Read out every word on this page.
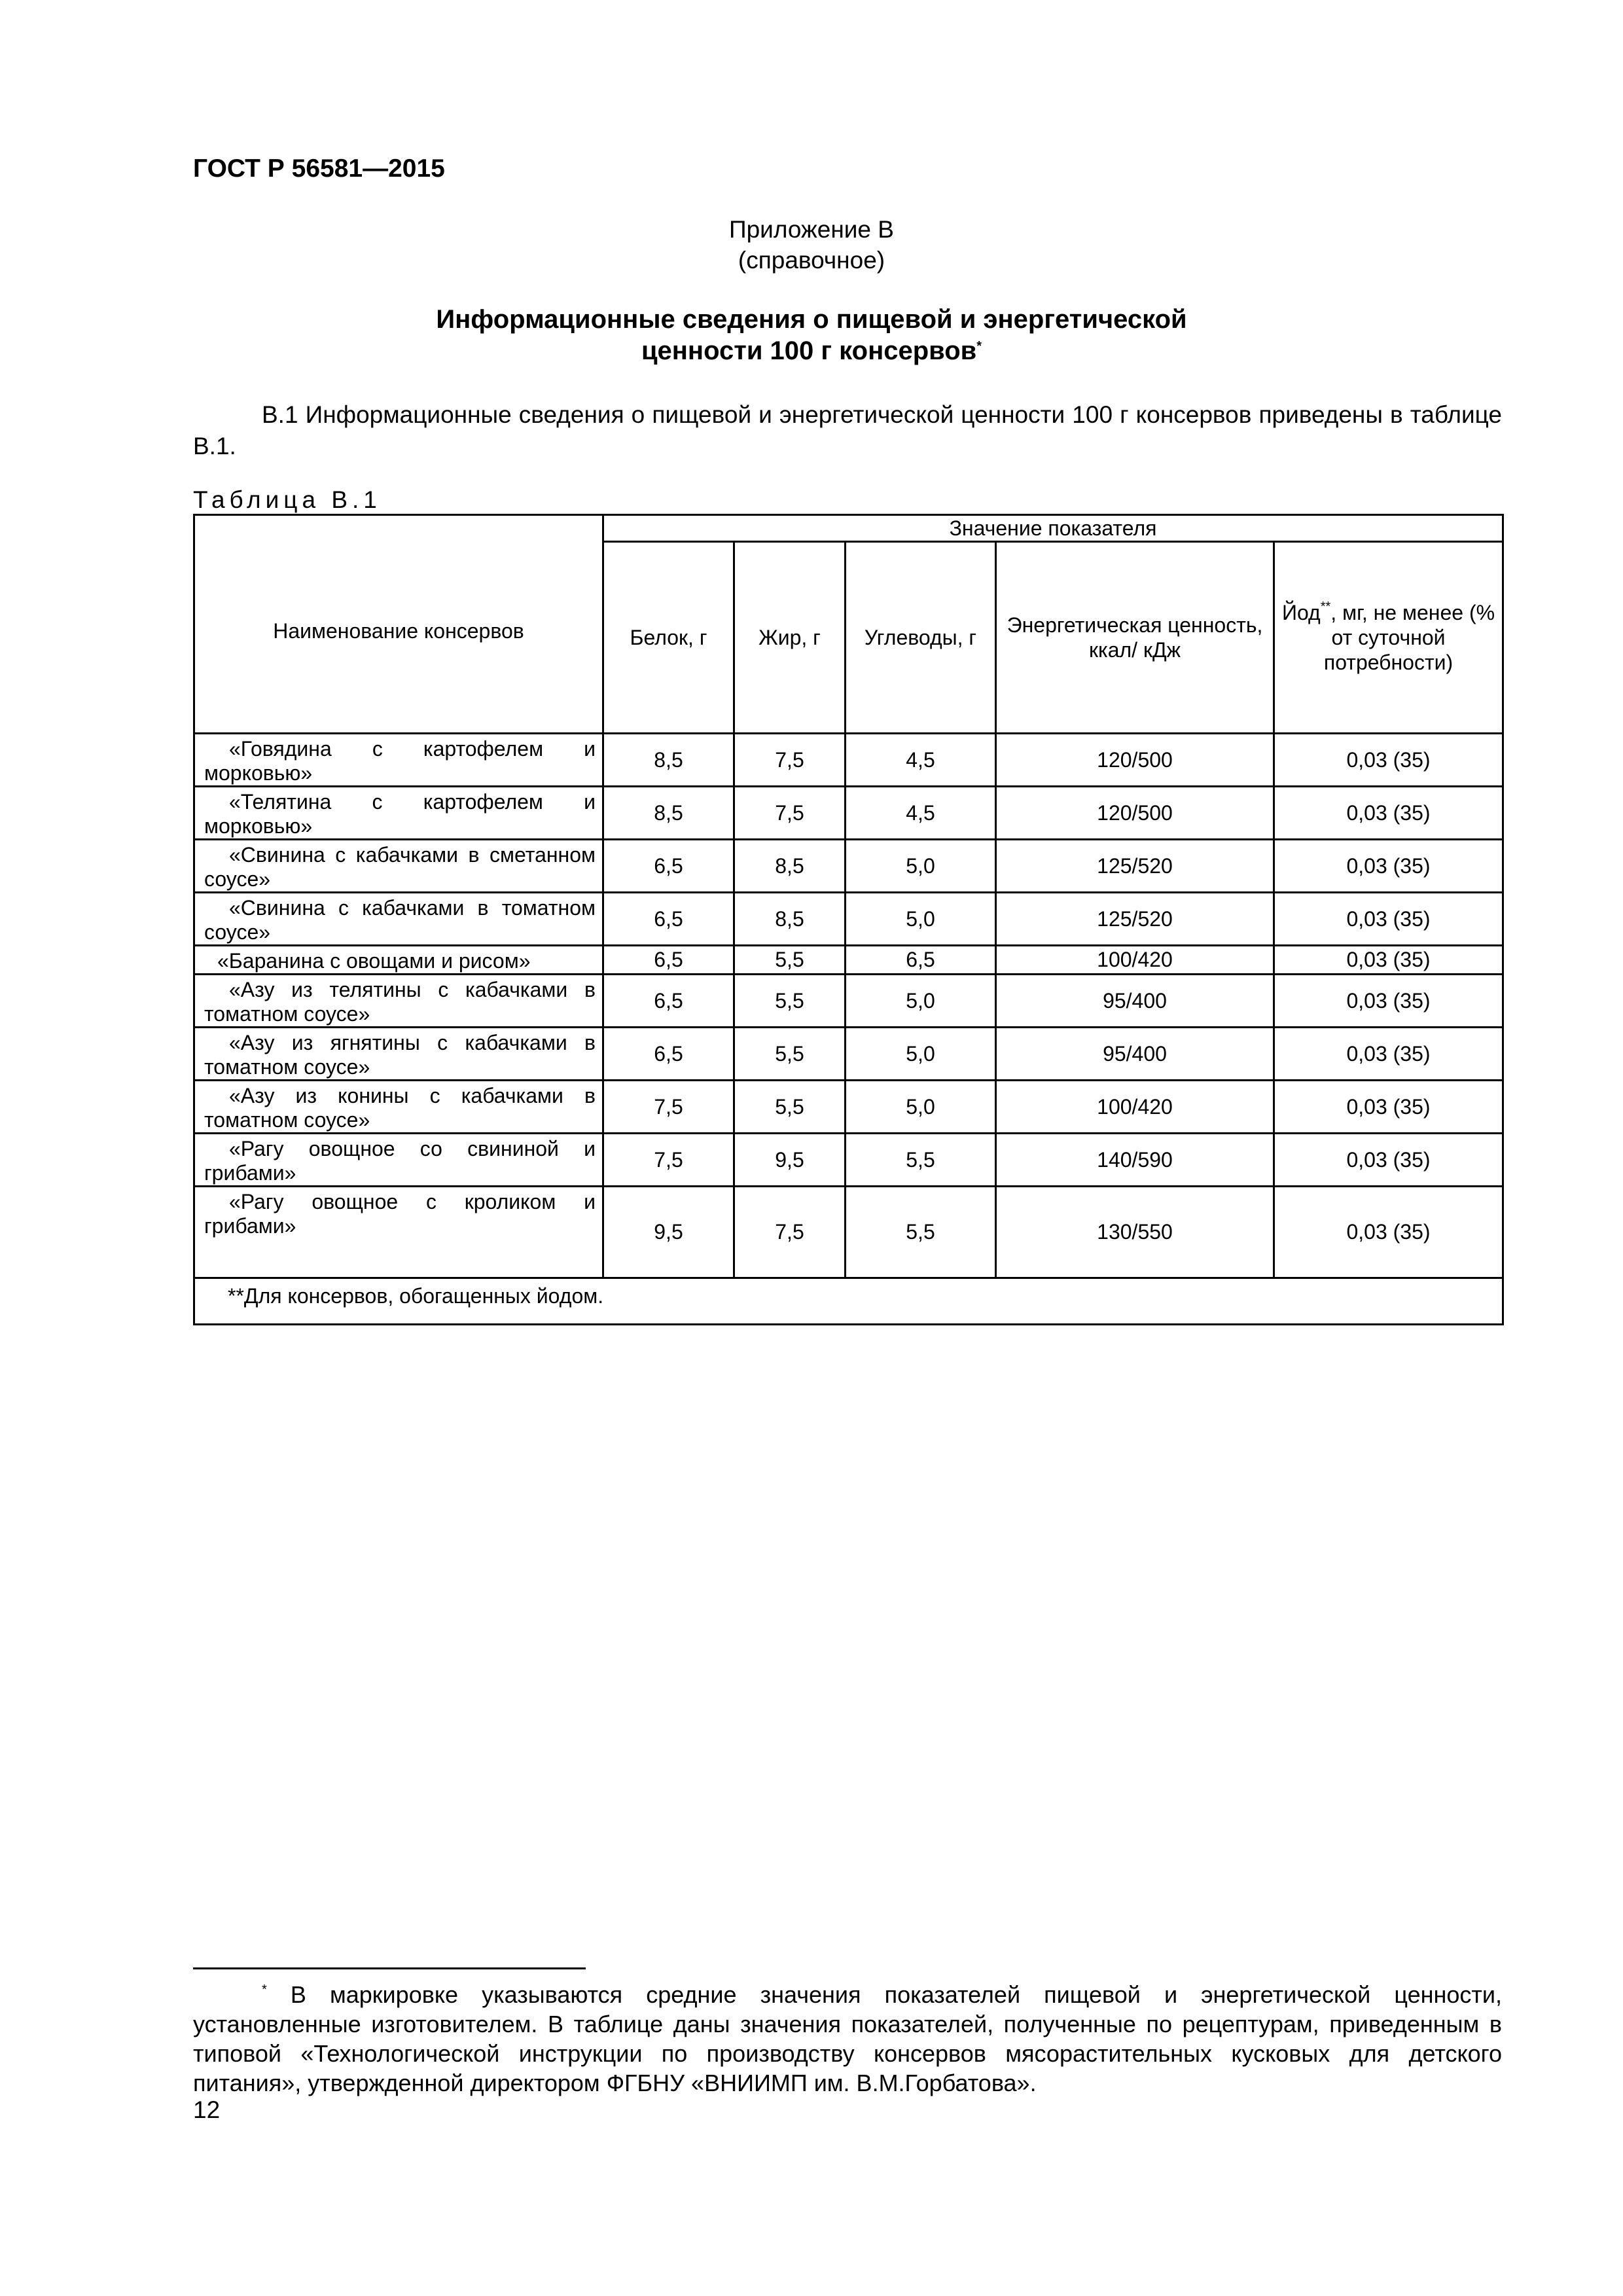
ГОСТ Р 56581—2015
Приложение В
(справочное)
Информационные сведения о пищевой и энергетической
ценности 100 г консервов*
В.1 Информационные сведения о пищевой и энергетической ценности 100 г консервов приведены в таблице В.1.
Таблица В.1
Наименование консервов	Значение показателя				
	Белок, г	Жир, г	Углеводы, г	Энергетическая ценность, ккал/ кДж	Йод**, мг, не менее (% от суточной потребности)
«Говядина с картофелем и морковью»	8,5	7,5	4,5	120/500	0,03 (35)
«Телятина с картофелем и морковью»	8,5	7,5	4,5	120/500	0,03 (35)
«Свинина с кабачками в сметанном соусе»	6,5	8,5	5,0	125/520	0,03 (35)
«Свинина с кабачками в томатном соусе»	6,5	8,5	5,0	125/520	0,03 (35)
«Баранина с овощами и рисом»	6,5	5,5	6,5	100/420	0,03 (35)
«Азу из телятины с кабачками в томатном соусе»	6,5	5,5	5,0	95/400	0,03 (35)
«Азу из ягнятины с кабачками в томатном соусе»	6,5	5,5	5,0	95/400	0,03 (35)
«Азу из конины с кабачками в томатном соусе»	7,5	5,5	5,0	100/420	0,03 (35)
«Рагу овощное со свининой и грибами»	7,5	9,5	5,5	140/590	0,03 (35)
«Рагу овощное с кроликом и грибами»	9,5	7,5	5,5	130/550	0,03 (35)
**Для консервов, обогащенных йодом.					
* В маркировке указываются средние значения показателей пищевой и энергетической ценности, установленные изготовителем. В таблице даны значения показателей, полученные по рецептурам, приведенным в типовой «Технологической инструкции по производству консервов мясорастительных кусковых для детского питания», утвержденной директором ФГБНУ «ВНИИМП им. В.М.Горбатова».
12
